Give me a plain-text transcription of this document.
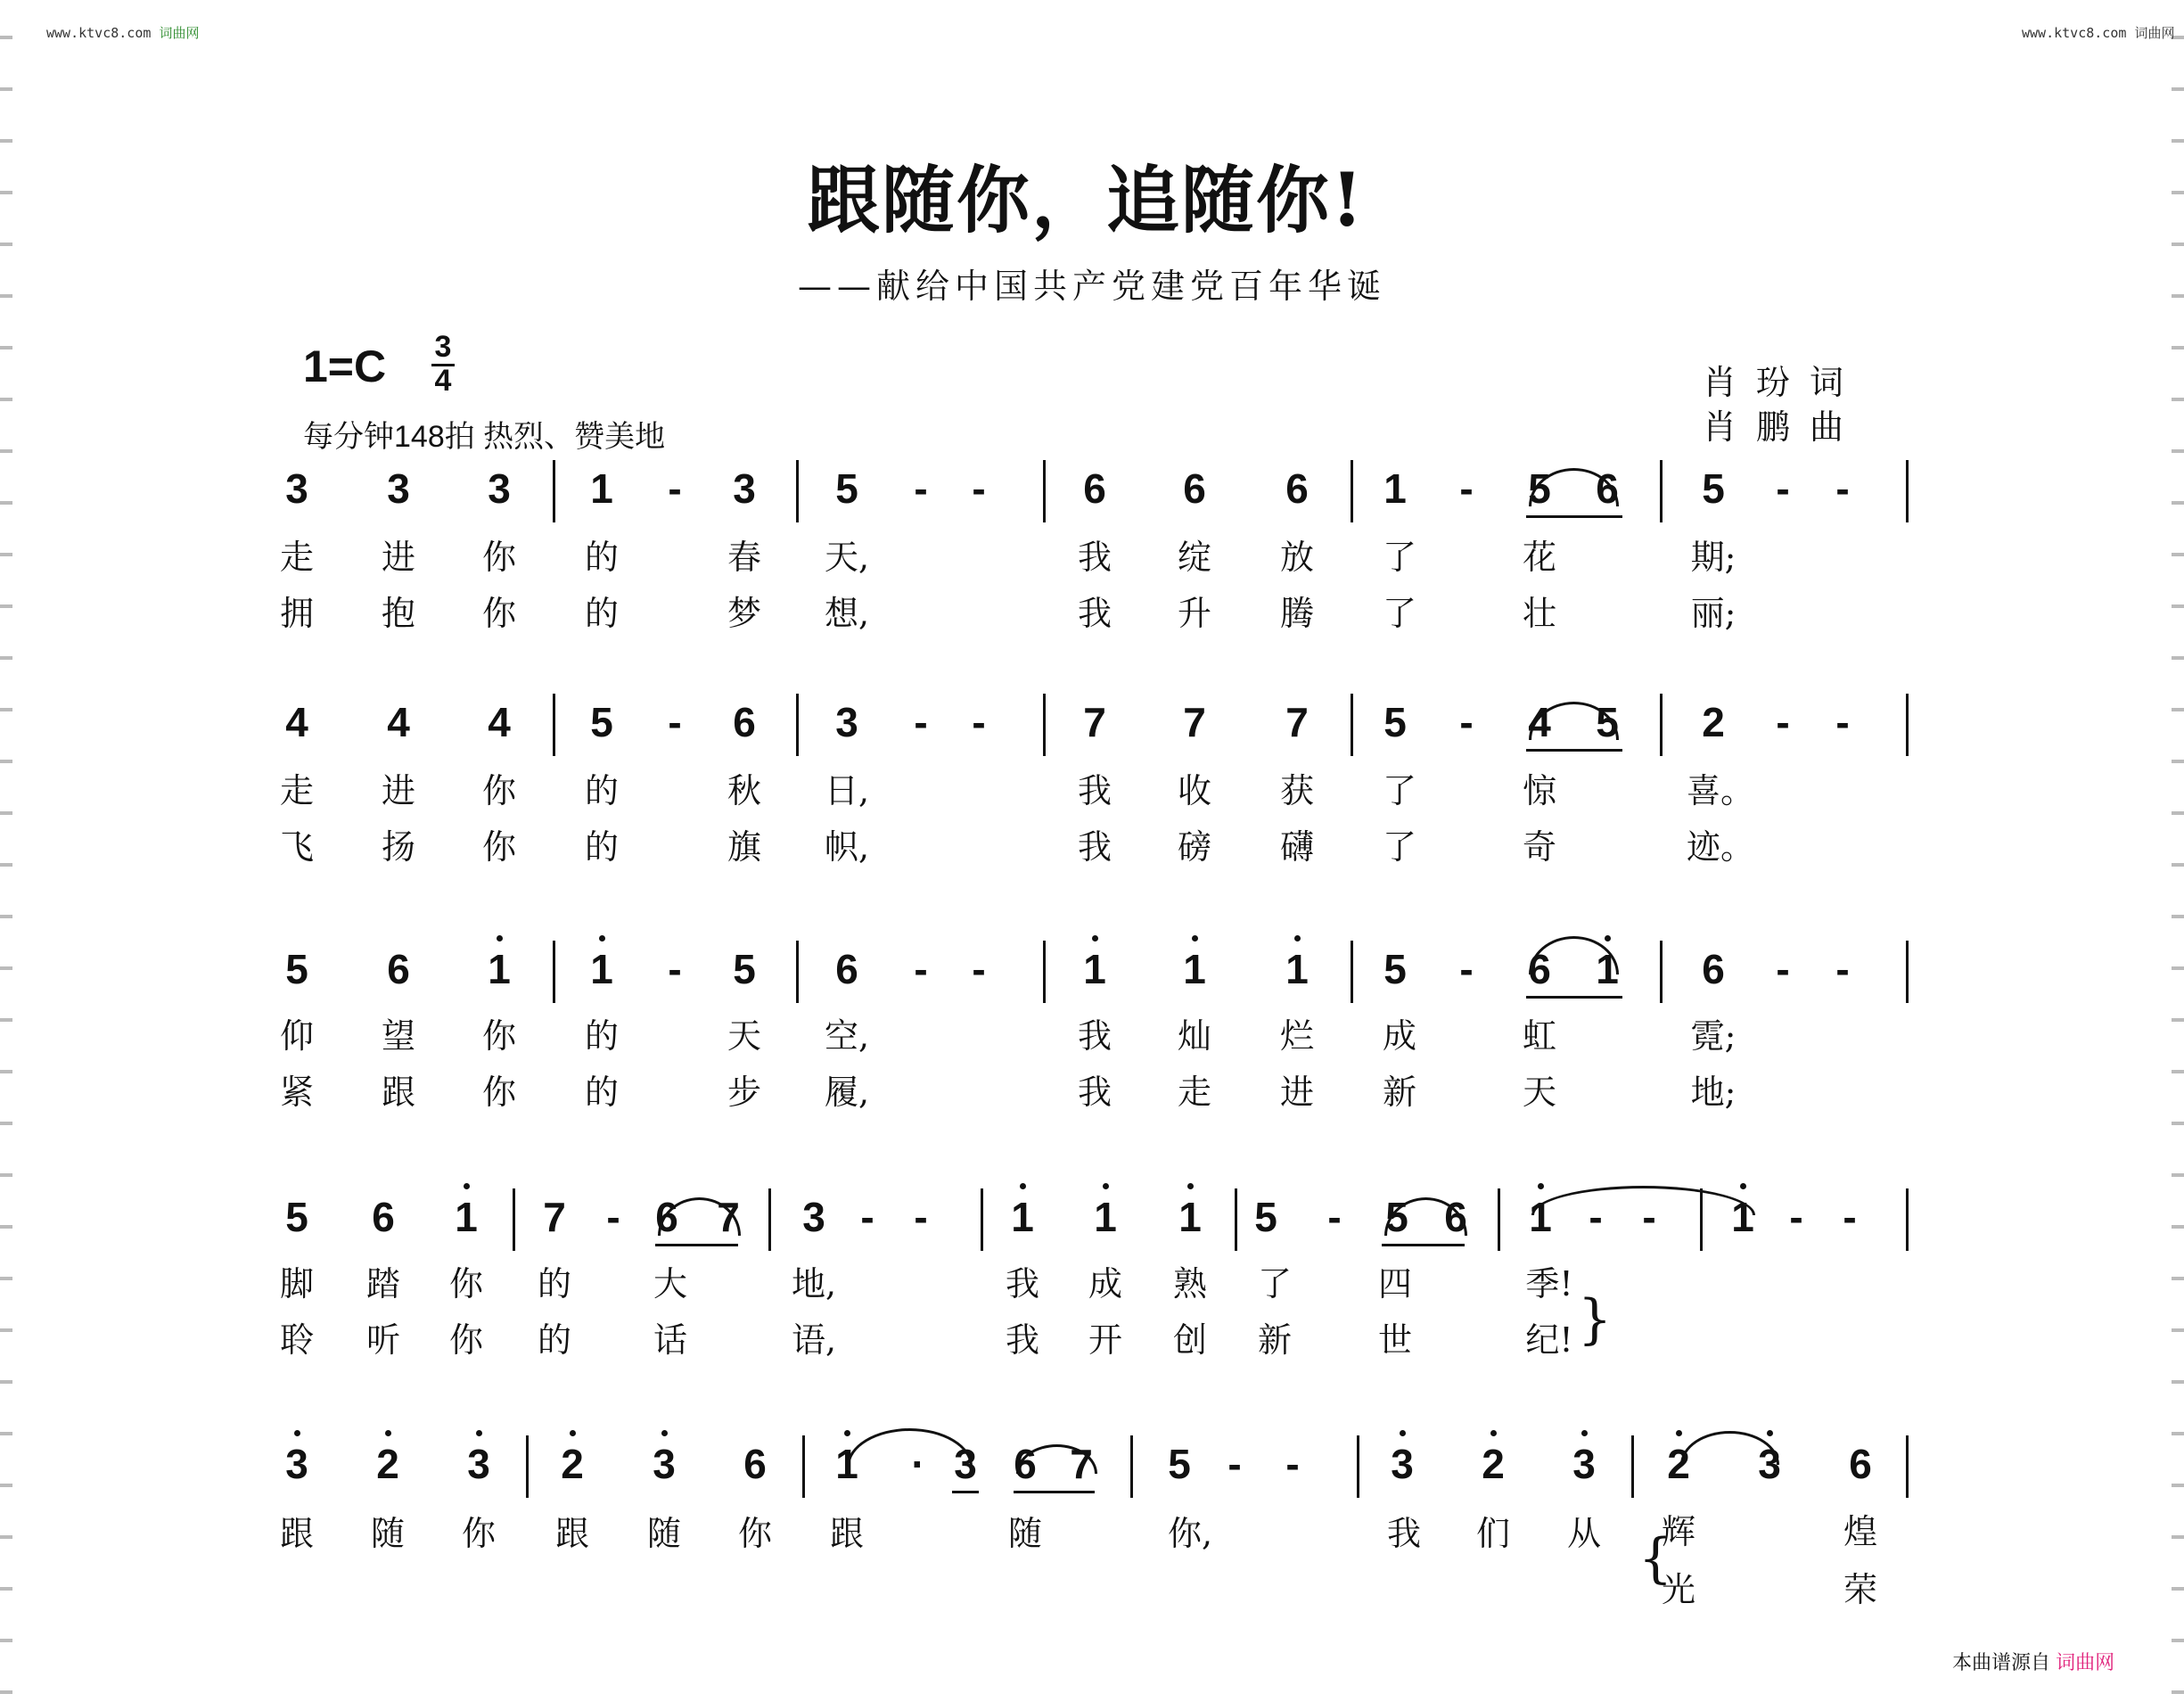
www.ktvc8.com 词曲网	www.ktvc8.com 词曲网
跟随你，追随你!
——献给中国共产党建党百年华诞
1=C 3
4
每分钟148拍 热烈、赞美地
肖玢词
肖鹏曲
3	3	3	1	-	3	5	-	-	6	6	6	1	-	5	6	5	-	-
走 进 你 的	春 天,	我 绽 放 了	花	期;
拥 抱 你 的	梦 想,	我 升 腾 了	壮	丽;
4	4	4	5	-	6	3	-	-	7	7	7	5	-	4	5	2	-	-
走 进 你 的	秋 日,	我 收 获 了	惊	喜。
飞 扬 你 的	旗 帜,	我 磅 礴 了	奇	迹。
5	6	1	1	-	5	6	-	-	1	1	1	5	-	6	1	6	-	-
仰 望 你 的	天 空,	我 灿 烂 成	虹	霓;
紧 跟 你 的	步 履,	我 走 进 新	天	地;
5	6	1	7 - 6 7	3 - -	1	1	1	5	-	5 6	1 - -	1 - -
脚 踏 你 的 大	地,	我 成 熟 了	四	季!
聆 听 你 的 话	语,	我 开 创 新	世	纪!
3	2	3	2	3	6	1	· 3 6 7	5 -	-	3	2	3	2	3	6
跟 随 你 跟 随 你 跟	随	你,	我 们 从 辉	煌
光	荣
}
{
本曲谱源自 词曲网
